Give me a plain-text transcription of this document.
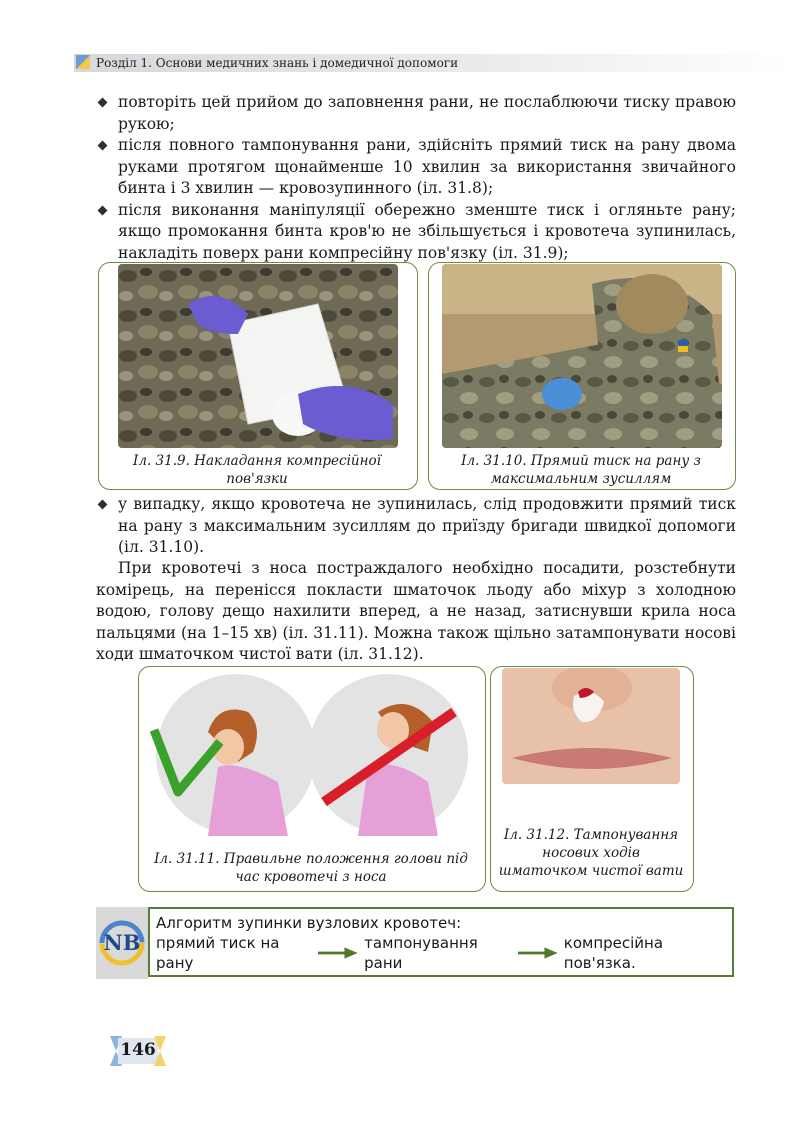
Розділ 1. Основи медичних знань і домедичної допомоги
повторіть цей прийом до заповнення рани, не послаблюючи тиску правою рукою;
після повного тампонування рани, здійсніть прямий тиск на рану двома руками протягом щонайменше 10 хвилин за використання звичайного бинта і 3 хвилин — кровозупинного (іл. 31.8);
після виконання маніпуляції обережно зменште тиск і огляньте рану; якщо промокання бинта кров'ю не збільшується і кровотеча зупинилась, накладіть поверх рани компресійну пов'язку (іл. 31.9);
Іл. 31.9. Накладання компресійної пов'язки
Іл. 31.10. Прямий тиск на рану з максимальним зусиллям
у випадку, якщо кровотеча не зупинилась, слід продовжити прямий тиск на рану з максимальним зусиллям до приїзду бригади швидкої допомоги (іл. 31.10).
При кровотечі з носа постраждалого необхідно посадити, розстебнути комірець, на перенісся покласти шматочок льоду або міхур з холодною водою, голову дещо нахилити вперед, а не назад, затиснувши крила носа пальцями (на 1–15 хв) (іл. 31.11). Можна також щільно затампонувати носові ходи шматочком чистої вати (іл. 31.12).
Іл. 31.11. Правильне положення голови під час кровотечі з носа
Іл. 31.12. Тампонування носових ходів шматочком чистої вати
NB
Алгоритм зупинки вузлових кровотеч:
прямий тиск на рану
тампонування рани
компресійна пов'язка.
146
